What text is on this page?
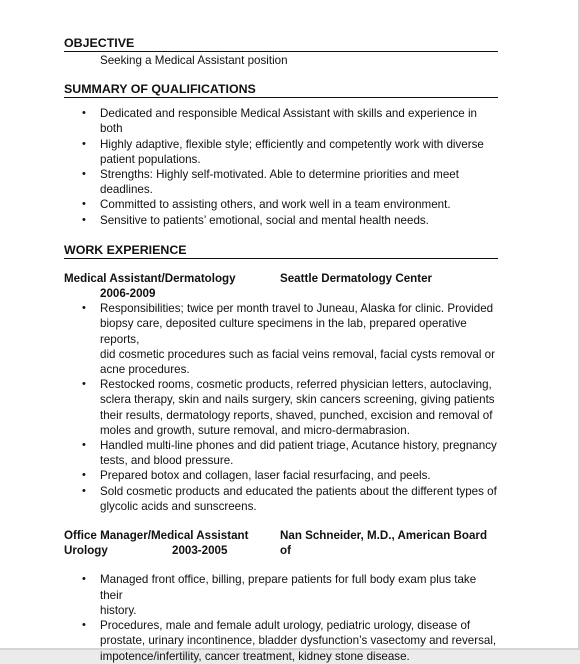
OBJECTIVE
Seeking a Medical Assistant position
SUMMARY OF QUALIFICATIONS
• Dedicated and responsible Medical Assistant with skills and experience in both
• Highly adaptive, flexible style; efficiently and competently work with diverse
patient populations.
• Strengths: Highly self-motivated. Able to determine priorities and meet
deadlines.
• Committed to assisting others, and work well in a team environment.
• Sensitive to patients’ emotional, social and mental health needs.
WORK EXPERIENCE
Medical Assistant/Dermatology	Seattle Dermatology Center
2006-2009
• Responsibilities; twice per month travel to Juneau, Alaska for clinic. Provided
biopsy care, deposited culture specimens in the lab, prepared operative reports,
did cosmetic procedures such as facial veins removal, facial cysts removal or
acne procedures.
• Restocked rooms, cosmetic products, referred physician letters, autoclaving,
sclera therapy, skin and nails surgery, skin cancers screening, giving patients
their results, dermatology reports, shaved, punched, excision and removal of
moles and growth, suture removal, and micro-dermabrasion.
• Handled multi-line phones and did patient triage, Acutance history, pregnancy
tests, and blood pressure.
• Prepared botox and collagen, laser facial resurfacing, and peels.
• Sold cosmetic products and educated the patients about the different types of
glycolic acids and sunscreens.
Office Manager/Medical Assistant	Nan Schneider, M.D., American Board of
Urology	2003-2005
• Managed front office, billing, prepare patients for full body exam plus take their
history.
• Procedures, male and female adult urology, pediatric urology, disease of
prostate, urinary incontinence, bladder dysfunction’s vasectomy and reversal,
impotence/infertility, cancer treatment, kidney stone disease.
